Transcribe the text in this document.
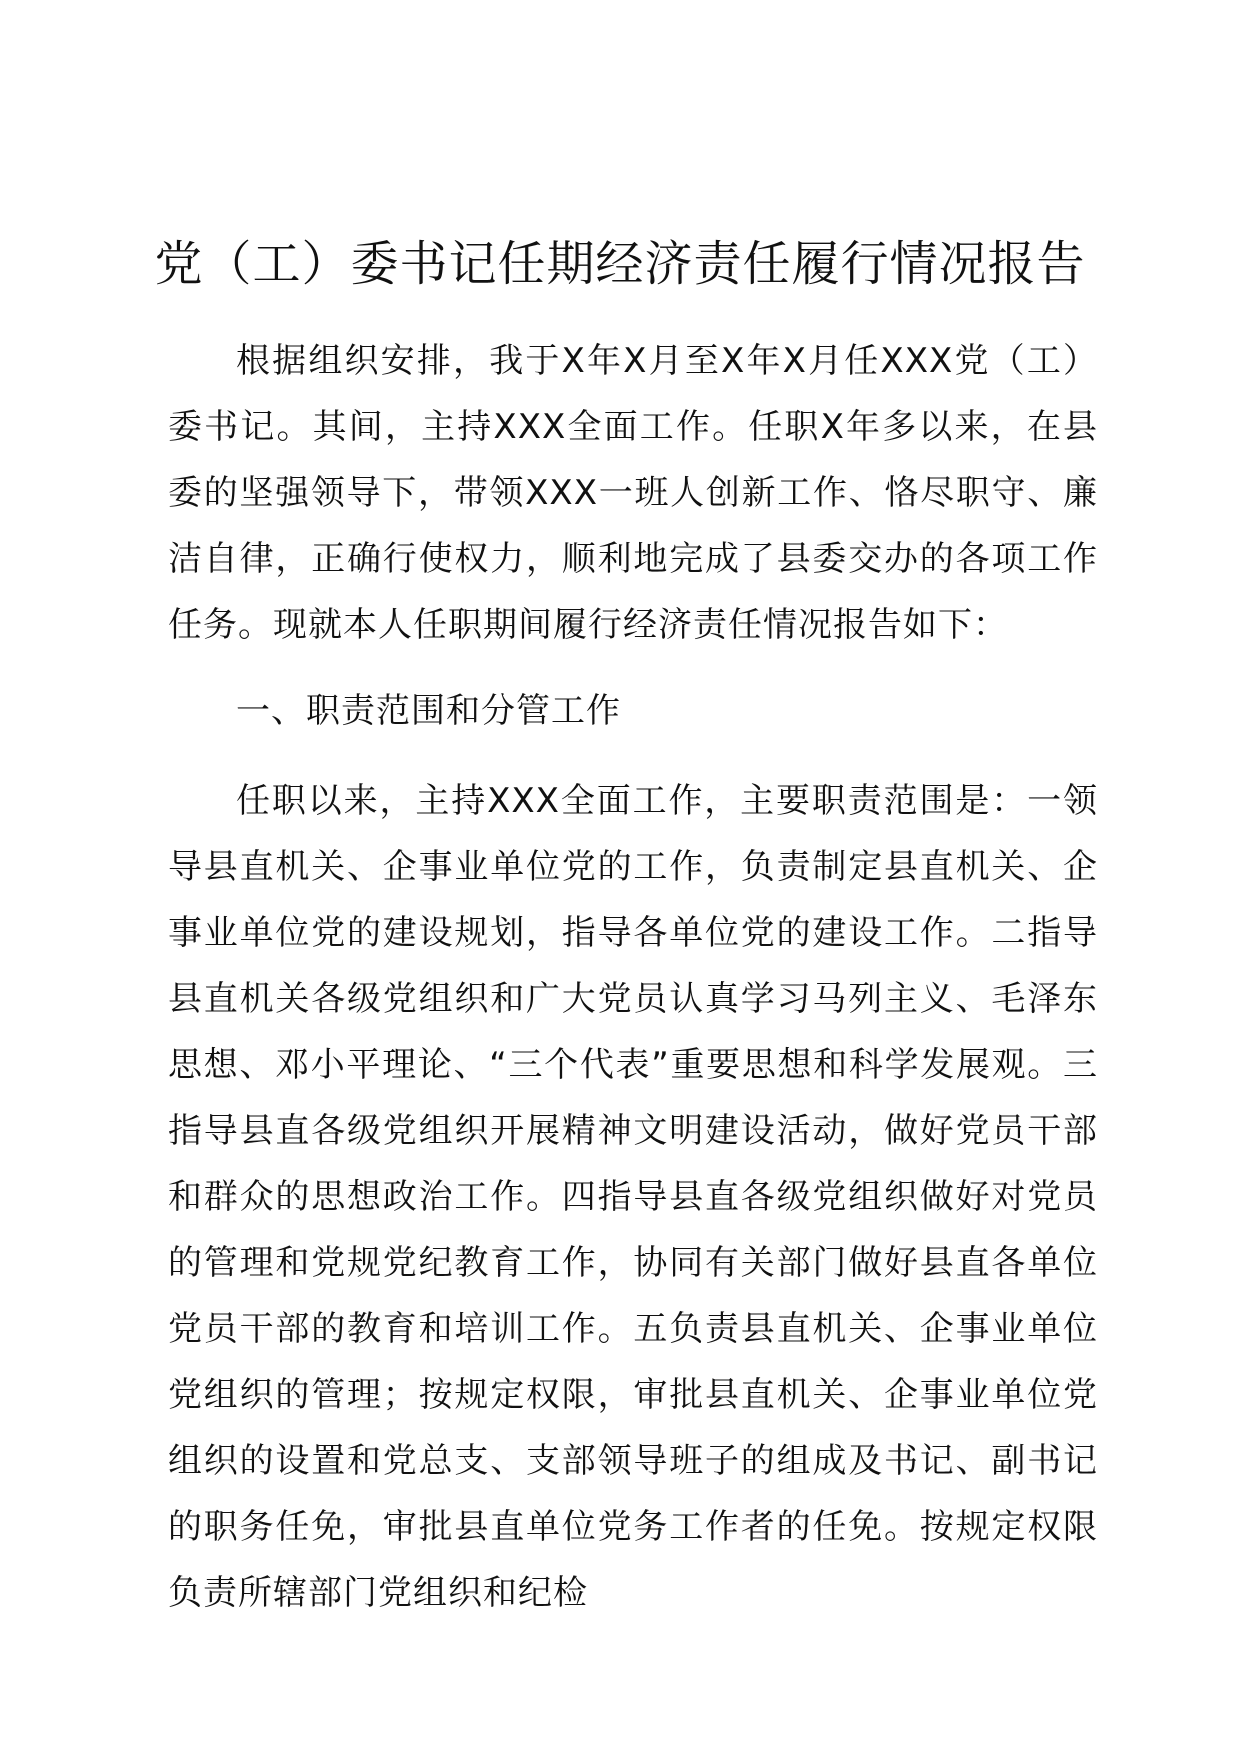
党（工）委书记任期经济责任履行情况报告

根据组织安排，我于X年X月至X年X月任XXX党（工）委书记。其间，主持XXX全面工作。任职X年多以来，在县委的坚强领导下，带领XXX一班人创新工作、恪尽职守、廉洁自律，正确行使权力，顺利地完成了县委交办的各项工作任务。现就本人任职期间履行经济责任情况报告如下：

一、职责范围和分管工作

任职以来，主持XXX全面工作，主要职责范围是：一领导县直机关、企事业单位党的工作，负责制定县直机关、企事业单位党的建设规划，指导各单位党的建设工作。二指导县直机关各级党组织和广大党员认真学习马列主义、毛泽东思想、邓小平理论、“三个代表”重要思想和科学发展观。三指导县直各级党组织开展精神文明建设活动，做好党员干部和群众的思想政治工作。四指导县直各级党组织做好对党员的管理和党规党纪教育工作，协同有关部门做好县直各单位党员干部的教育和培训工作。五负责县直机关、企事业单位党组织的管理；按规定权限，审批县直机关、企事业单位党组织的设置和党总支、支部领导班子的组成及书记、副书记的职务任免，审批县直单位党务工作者的任免。按规定权限负责所辖部门党组织和纪检
